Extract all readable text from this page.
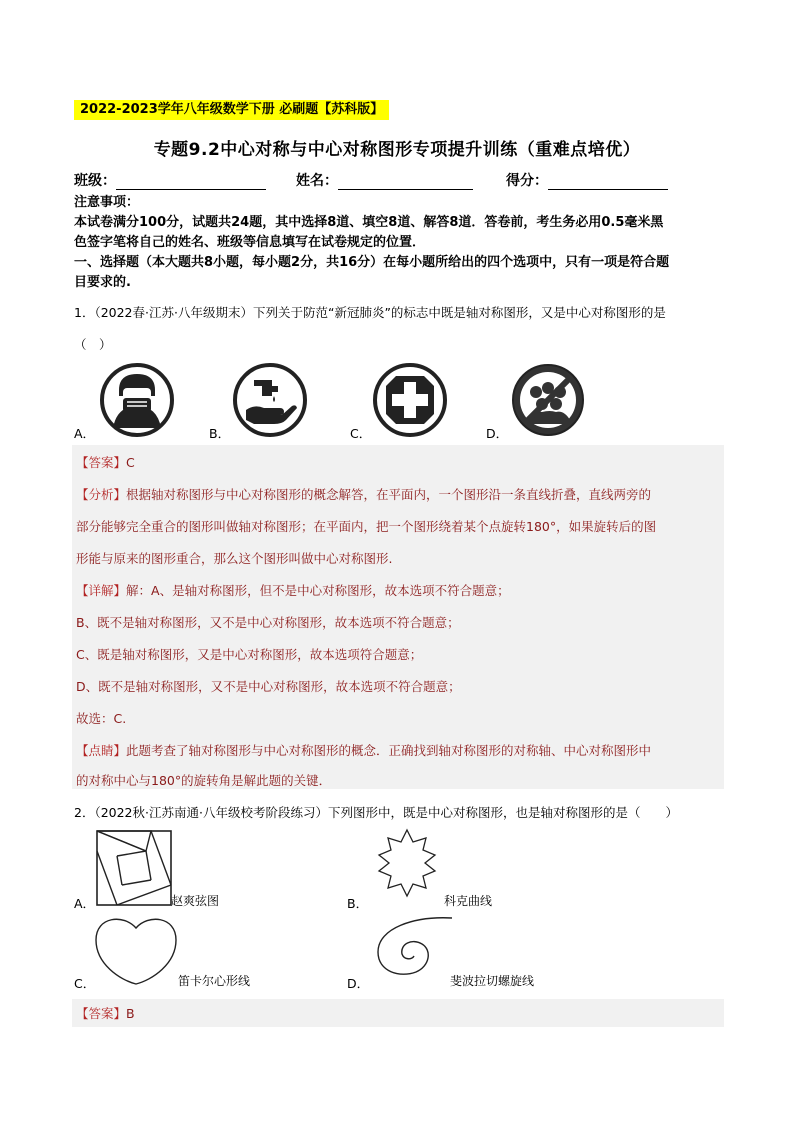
2022-2023学年八年级数学下册 必刷题【苏科版】
专题9.2中心对称与中心对称图形专项提升训练（重难点培优）
班级：	姓名：	得分：
注意事项：
本试卷满分100分，试题共24题，其中选择8道、填空8道、解答8道．答卷前，考生务必用0.5毫米黑
色签字笔将自己的姓名、班级等信息填写在试卷规定的位置．
一、选择题（本大题共8小题，每小题2分，共16分）在每小题所给出的四个选项中，只有一项是符合题
目要求的.
1．（2022春·江苏·八年级期末）下列关于防范“新冠肺炎”的标志中既是轴对称图形，又是中心对称图形的是
（　）
A．	B．	C．	D．
【答案】C
【分析】根据轴对称图形与中心对称图形的概念解答，在平面内，一个图形沿一条直线折叠，直线两旁的
部分能够完全重合的图形叫做轴对称图形；在平面内，把一个图形绕着某个点旋转180°，如果旋转后的图
形能与原来的图形重合，那么这个图形叫做中心对称图形.
【详解】解：A、是轴对称图形，但不是中心对称图形，故本选项不符合题意；
B、既不是轴对称图形，又不是中心对称图形，故本选项不符合题意；
C、既是轴对称图形，又是中心对称图形，故本选项符合题意；
D、既不是轴对称图形，又不是中心对称图形，故本选项不符合题意；
故选：C.
【点睛】此题考查了轴对称图形与中心对称图形的概念．正确找到轴对称图形的对称轴、中心对称图形中
的对称中心与180°的旋转角是解此题的关键．
2．（2022秋·江苏南通·八年级校考阶段练习）下列图形中，既是中心对称图形，也是轴对称图形的是（　　）
A．	赵爽弦图	B．	科克曲线
C．	笛卡尔心形线	D．	斐波拉切螺旋线
【答案】B
